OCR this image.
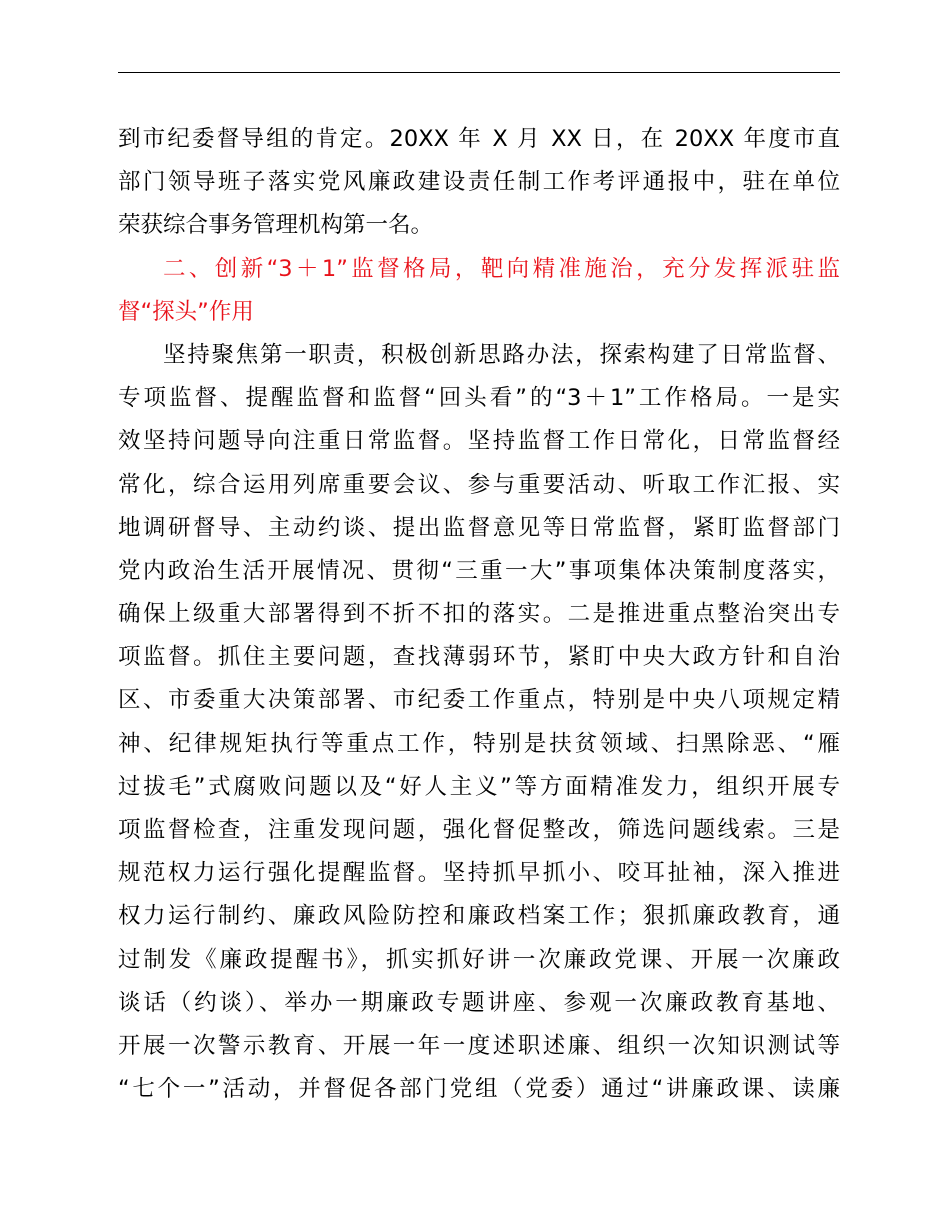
到市纪委督导组的肯定。20XX 年 X 月 XX 日，在 20XX 年度市直
部门领导班子落实党风廉政建设责任制工作考评通报中，驻在单位
荣获综合事务管理机构第一名。
二、创新“3＋1”监督格局，靶向精准施治，充分发挥派驻监
督“探头”作用
坚持聚焦第一职责，积极创新思路办法，探索构建了日常监督、
专项监督、提醒监督和监督“回头看”的“3＋1”工作格局。一是实
效坚持问题导向注重日常监督。坚持监督工作日常化，日常监督经
常化，综合运用列席重要会议、参与重要活动、听取工作汇报、实
地调研督导、主动约谈、提出监督意见等日常监督，紧盯监督部门
党内政治生活开展情况、贯彻“三重一大”事项集体决策制度落实，
确保上级重大部署得到不折不扣的落实。二是推进重点整治突出专
项监督。抓住主要问题，查找薄弱环节，紧盯中央大政方针和自治
区、市委重大决策部署、市纪委工作重点，特别是中央八项规定精
神、纪律规矩执行等重点工作，特别是扶贫领域、扫黑除恶、“雁
过拔毛”式腐败问题以及“好人主义”等方面精准发力，组织开展专
项监督检查，注重发现问题，强化督促整改，筛选问题线索。三是
规范权力运行强化提醒监督。坚持抓早抓小、咬耳扯袖，深入推进
权力运行制约、廉政风险防控和廉政档案工作；狠抓廉政教育，通
过制发《廉政提醒书》，抓实抓好讲一次廉政党课、开展一次廉政
谈话（约谈）、举办一期廉政专题讲座、参观一次廉政教育基地、
开展一次警示教育、开展一年一度述职述廉、组织一次知识测试等
“七个一”活动，并督促各部门党组（党委）通过“讲廉政课、读廉
